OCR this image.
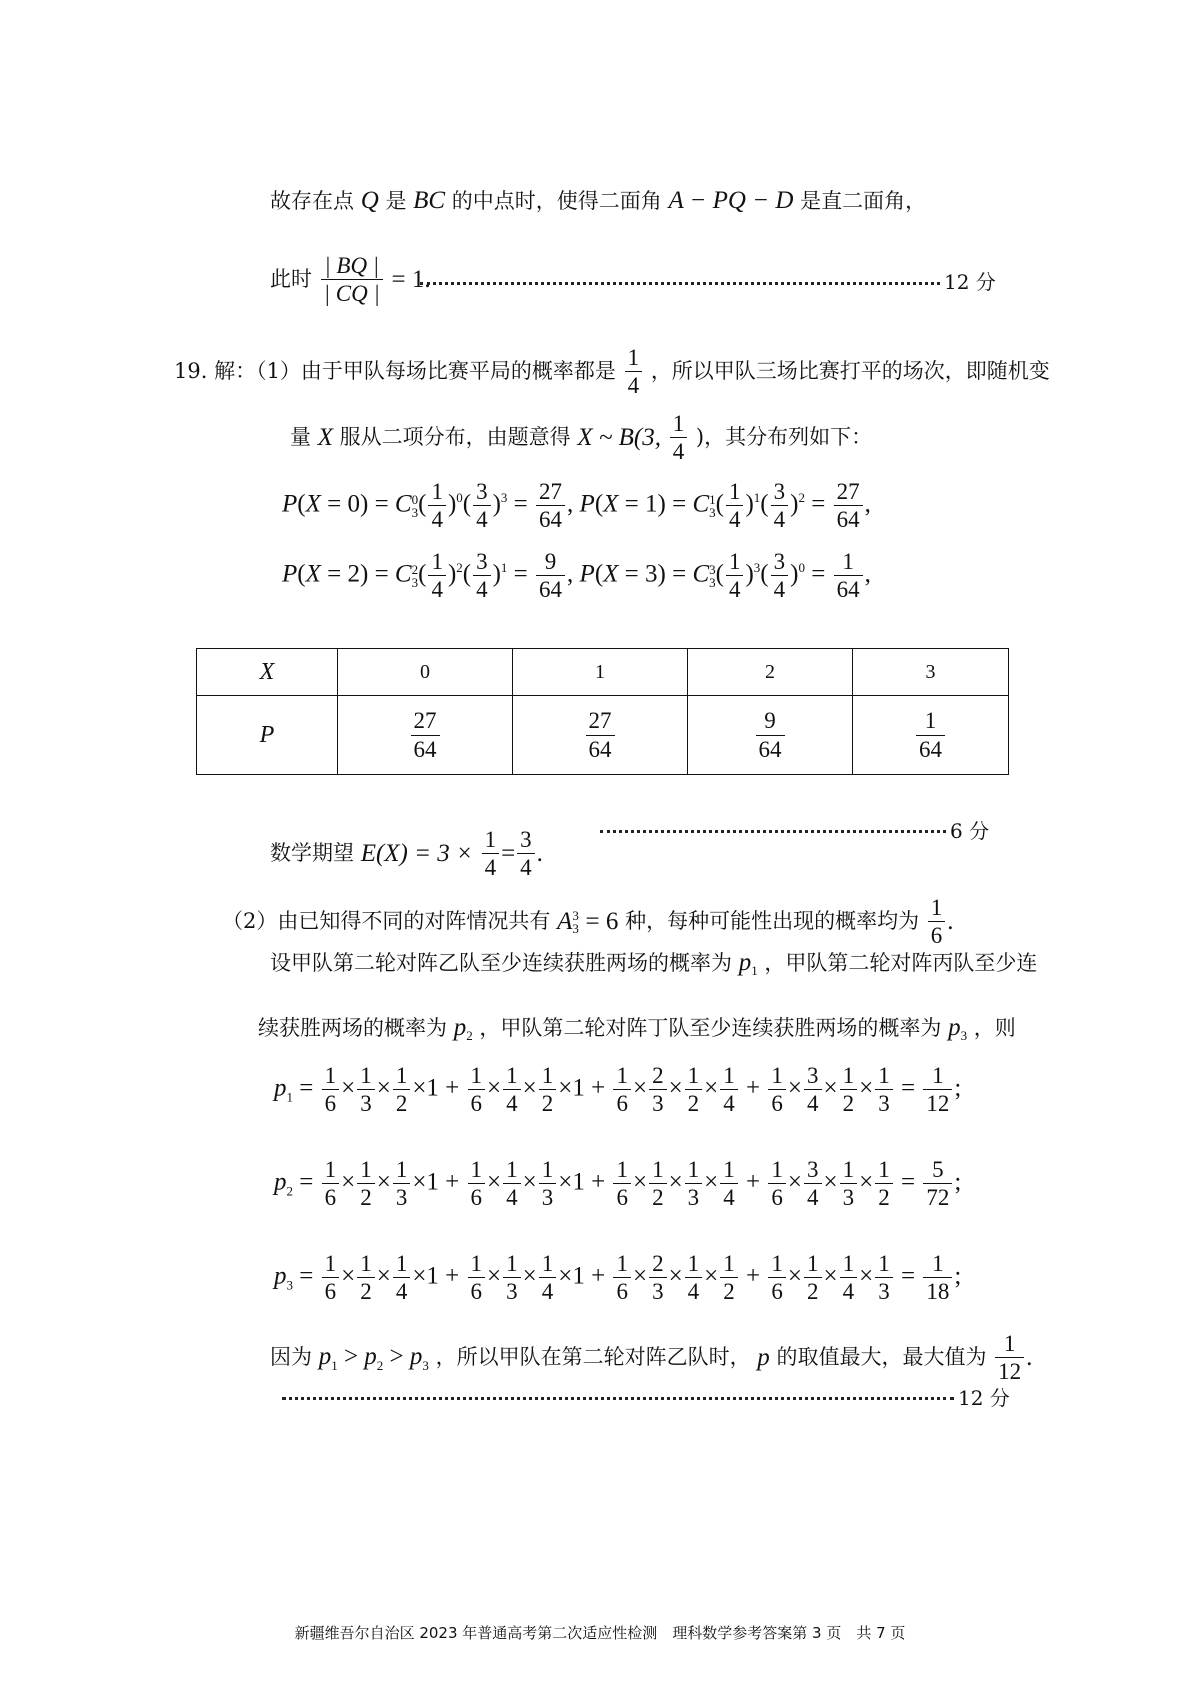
故存在点 Q 是 BC 的中点时，使得二面角 A − PQ − D 是直二面角，
此时 $\frac{| BQ |}{| CQ |} = 1$.	12 分
19. 解：（1）由于甲队每场比赛平局的概率都是 $\frac{1}{4}$ ，所以甲队三场比赛打平的场次，即随机变
量 X 服从二项分布，由题意得 X ~ B(3, $\frac{1}{4}$ )，其分布列如下：
P(X = 0) = C 0
3 ( $\frac{1}{4} )^0( \frac{3}{4} )^3 = \frac{27}{64}$ , P(X = 1) = C 1
3 ( $\frac{1}{4} )^1( \frac{3}{4} )^2 = \frac{27}{64}$ ,
P(X = 2) = C 2
3 ( $\frac{1}{4} )^2( \frac{3}{4} )^1 = \frac{9}{64}$ , P(X = 3) = C 3
3 ( $\frac{1}{4} )^3( \frac{3}{4} )^0 = \frac{1}{64}$ ,
X	0	1	2	3
P	$\frac{27}{64}$	$\frac{27}{64}$	$\frac{9}{64}$	$\frac{1}{64}$
数学期望 $E(X) = 3 \times \frac{1}{4} = \frac{3}{4}$ .
6 分
（2）由已知得不同的对阵情况共有 A 3
3 = 6 种，每种可能性出现的概率均为 $\frac{1}{6}$ .
设甲队第二轮对阵乙队至少连续获胜两场的概率为 $p_1$ ，甲队第二轮对阵丙队至少连
续获胜两场的概率为 $p_2$ ，甲队第二轮对阵丁队至少连续获胜两场的概率为 $p_3$ ，则
$p_1 = \frac{1}{6} \times \frac{1}{3} \times \frac{1}{2} \times 1 + \frac{1}{6} \times \frac{1}{4} \times \frac{1}{2} \times 1 + \frac{1}{6} \times \frac{2}{3} \times \frac{1}{2} \times \frac{1}{4} + \frac{1}{6} \times \frac{3}{4} \times \frac{1}{2} \times \frac{1}{3} = \frac{1}{12}$ ;
$p_2 = \frac{1}{6} \times \frac{1}{2} \times \frac{1}{3} \times 1 + \frac{1}{6} \times \frac{1}{4} \times \frac{1}{3} \times 1 + \frac{1}{6} \times \frac{1}{2} \times \frac{1}{3} \times \frac{1}{4} + \frac{1}{6} \times \frac{3}{4} \times \frac{1}{3} \times \frac{1}{2} = \frac{5}{72}$ ;
$p_3 = \frac{1}{6} \times \frac{1}{2} \times \frac{1}{4} \times 1 + \frac{1}{6} \times \frac{1}{3} \times \frac{1}{4} \times 1 + \frac{1}{6} \times \frac{2}{3} \times \frac{1}{4} \times \frac{1}{2} + \frac{1}{6} \times \frac{1}{2} \times \frac{1}{4} \times \frac{1}{3} = \frac{1}{18}$ ;
因为 $p_1 > p_2 > p_3$ ，所以甲队在第二轮对阵乙队时， p 的取值最大，最大值为 $\frac{1}{12}$ .
12 分
新疆维吾尔自治区 2023 年普通高考第二次适应性检测　理科数学参考答案第 3 页　共 7 页
